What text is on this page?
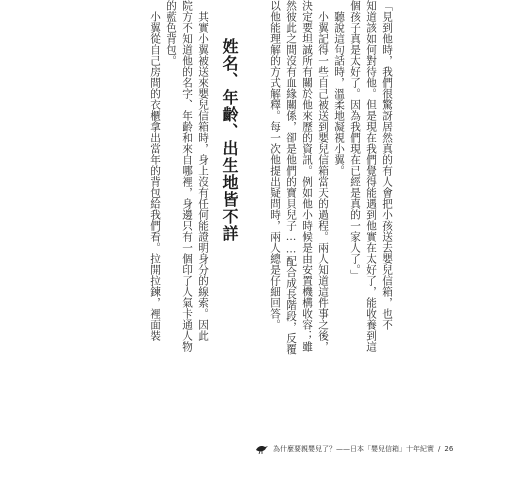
「見到他時，我們很驚訝居然真的有人會把小孩送去嬰兒信箱，也不
知道該如何對待他。但是現在我們覺得能遇到他實在太好了，能收養到這
個孩子真是太好了。因為我們現在已經是真的一家人了。」
　聽說這句話時，溫柔地凝視小翼。
　小翼記得一些自己被送到嬰兒信箱當天的過程。兩人知道這件事之後，
決定要坦誠所有關於他來歷的資訊。例如他小時候是由安置機構收容；雖
然彼此之間沒有血緣關係，卻是他們的寶貝兒子……配合成長階段，反覆
以他能理解的方式解釋。每一次他提出疑問時，兩人總是仔細回答。
姓名、年齡、出生地皆不詳
　其實小翼被送來嬰兒信箱時，身上沒有任何能證明身分的線索。因此
院方不知道他的名字、年齡和來自哪裡，身邊只有一個印了人氣卡通人物
的藍色背包。
　小翼從自己房間的衣櫃拿出當年的背包給我們看。拉開拉鍊，裡面裝
為什麼要親嬰兒了？——日本「嬰兒信箱」十年紀實 / 26
